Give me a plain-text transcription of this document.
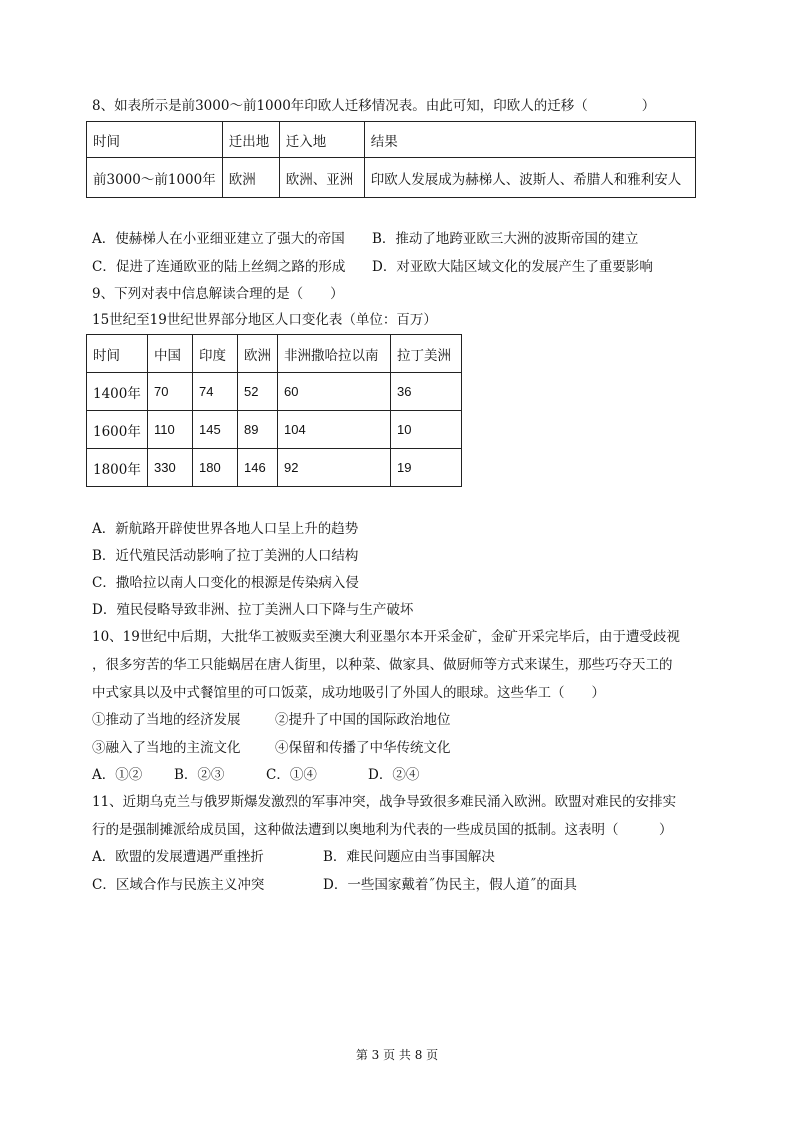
8、如表所示是前3000～前1000年印欧人迁移情况表。由此可知，印欧人的迁移（　　　　）
时间	迁出地	迁入地	结果
前3000～前1000年	欧洲	欧洲、亚洲	印欧人发展成为赫梯人、波斯人、希腊人和雅利安人
A．使赫梯人在小亚细亚建立了强大的帝国 B．推动了地跨亚欧三大洲的波斯帝国的建立
C．促进了连通欧亚的陆上丝绸之路的形成 D．对亚欧大陆区域文化的发展产生了重要影响
9、下列对表中信息解读合理的是（　　）
15世纪至19世纪世界部分地区人口变化表（单位：百万）
时间	中国	印度	欧洲	非洲撒哈拉以南	拉丁美洲
1400年	70	74	52	60	36
1600年	110	145	89	104	10
1800年	330	180	146	92	19
A．新航路开辟使世界各地人口呈上升的趋势
B．近代殖民活动影响了拉丁美洲的人口结构
C．撒哈拉以南人口变化的根源是传染病入侵
D．殖民侵略导致非洲、拉丁美洲人口下降与生产破坏
10、19世纪中后期，大批华工被贩卖至澳大利亚墨尔本开采金矿，金矿开采完毕后，由于遭受歧视
，很多穷苦的华工只能蜗居在唐人街里，以种菜、做家具、做厨师等方式来谋生，那些巧夺天工的
中式家具以及中式餐馆里的可口饭菜，成功地吸引了外国人的眼球。这些华工（　　）
①推动了当地的经济发展	②提升了中国的国际政治地位
③融入了当地的主流文化	④保留和传播了中华传统文化
A．①② B．②③	C．①④	D．②④
11、近期乌克兰与俄罗斯爆发激烈的军事冲突，战争导致很多难民涌入欧洲。欧盟对难民的安排实
行的是强制摊派给成员国，这种做法遭到以奥地利为代表的一些成员国的抵制。这表明（　　　）
A．欧盟的发展遭遇严重挫折	B．难民问题应由当事国解决
C．区域合作与民族主义冲突	D．一些国家戴着˝伪民主，假人道˝的面具
第 3 页 共 8 页
